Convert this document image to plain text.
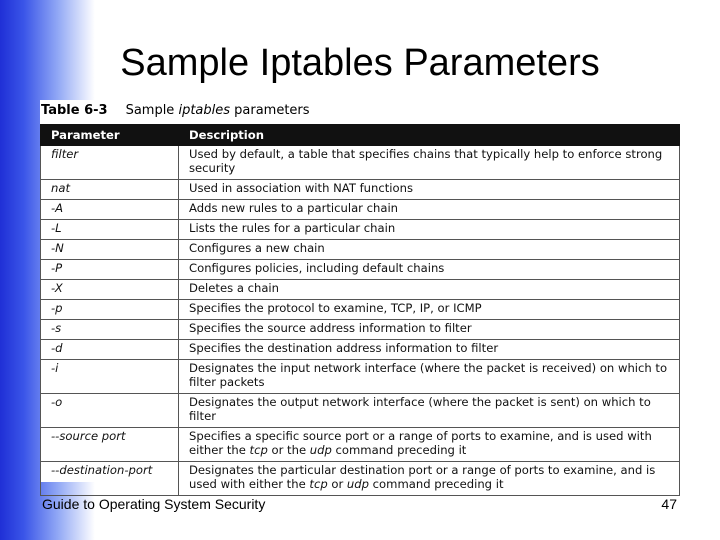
Sample Iptables Parameters
Table 6-3 Sample iptables parameters
Parameter	Description
filter	Used by default, a table that specifies chains that typically help to enforce strong security
nat	Used in association with NAT functions
-A	Adds new rules to a particular chain
-L	Lists the rules for a particular chain
-N	Configures a new chain
-P	Configures policies, including default chains
-X	Deletes a chain
-p	Specifies the protocol to examine, TCP, IP, or ICMP
-s	Specifies the source address information to filter
-d	Specifies the destination address information to filter
-i	Designates the input network interface (where the packet is received) on which to filter packets
-o	Designates the output network interface (where the packet is sent) on which to filter
--source port	Specifies a specific source port or a range of ports to examine, and is used with either the tcp or the udp command preceding it
--destination-port	Designates the particular destination port or a range of ports to examine, and is used with either the tcp or udp command preceding it
Guide to Operating System Security	47
